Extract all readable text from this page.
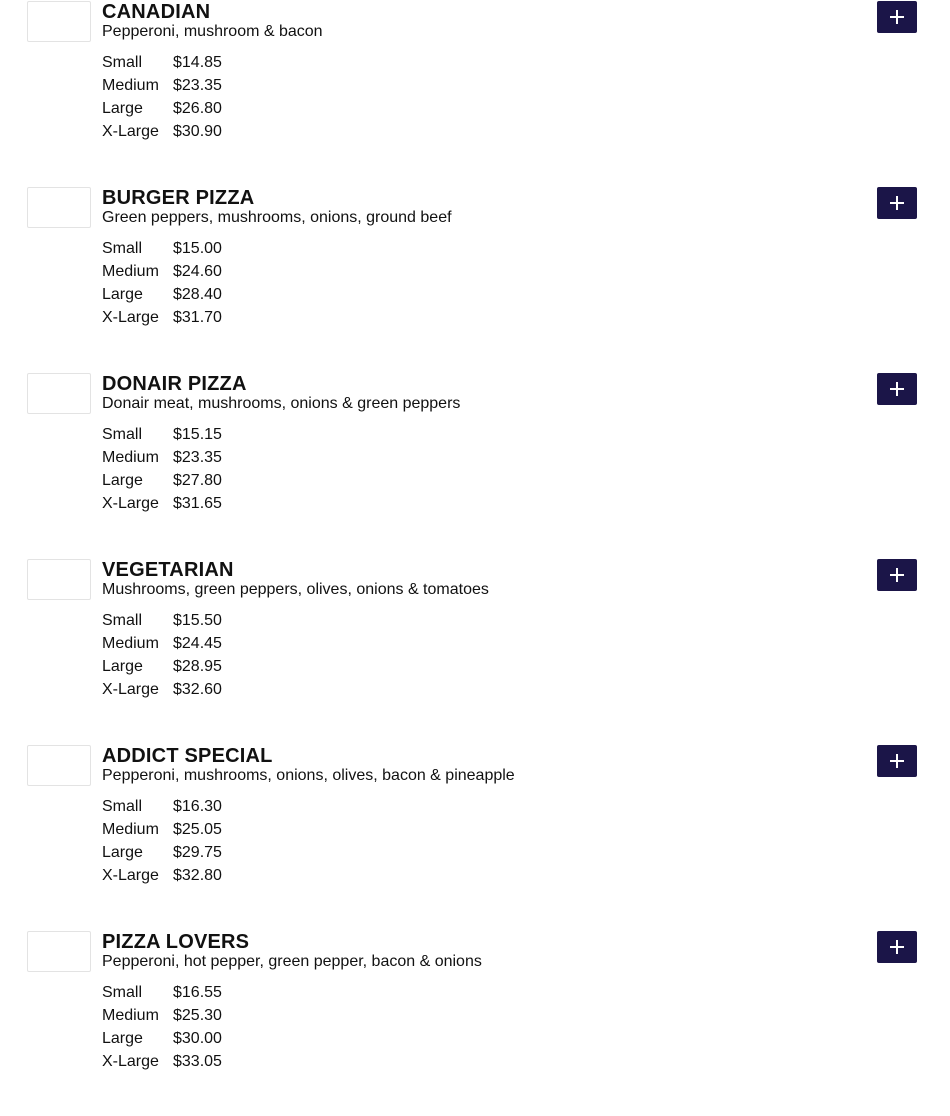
CANADIAN
Pepperoni, mushroom & bacon
Small	$14.85
Medium $23.35
Large	$26.80
X-Large $30.90
BURGER PIZZA
Green peppers, mushrooms, onions, ground beef
Small	$15.00
Medium $24.60
Large	$28.40
X-Large $31.70
DONAIR PIZZA
Donair meat, mushrooms, onions & green peppers
Small	$15.15
Medium $23.35
Large	$27.80
X-Large $31.65
VEGETARIAN
Mushrooms, green peppers, olives, onions & tomatoes
Small	$15.50
Medium $24.45
Large	$28.95
X-Large $32.60
ADDICT SPECIAL
Pepperoni, mushrooms, onions, olives, bacon & pineapple
Small	$16.30
Medium $25.05
Large	$29.75
X-Large $32.80
PIZZA LOVERS
Pepperoni, hot pepper, green pepper, bacon & onions
Small	$16.55
Medium $25.30
Large	$30.00
X-Large $33.05
